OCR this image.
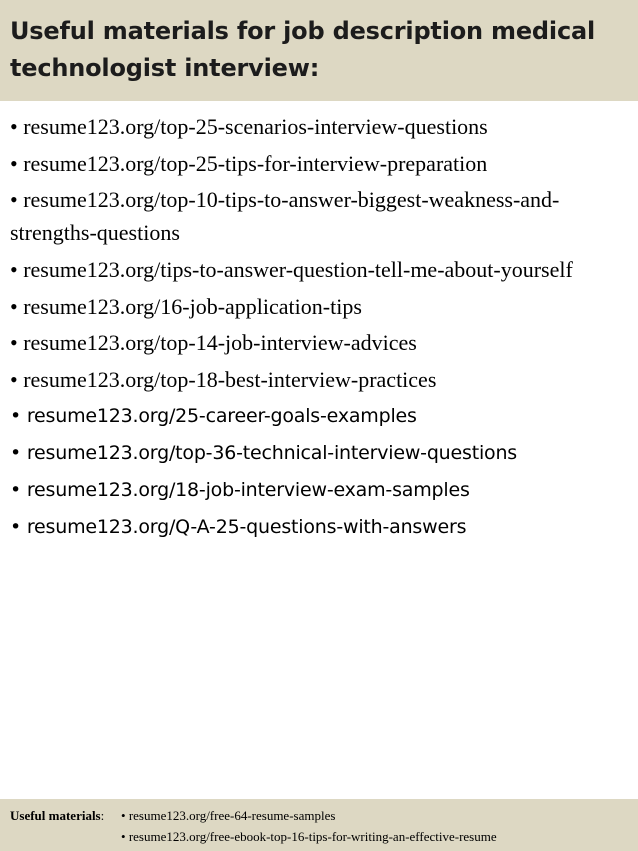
Useful materials for job description medical technologist interview:
• resume123.org/top-25-scenarios-interview-questions
• resume123.org/top-25-tips-for-interview-preparation
• resume123.org/top-10-tips-to-answer-biggest-weakness-and-strengths-questions
• resume123.org/tips-to-answer-question-tell-me-about-yourself
• resume123.org/16-job-application-tips
• resume123.org/top-14-job-interview-advices
• resume123.org/top-18-best-interview-practices
• resume123.org/25-career-goals-examples
• resume123.org/top-36-technical-interview-questions
• resume123.org/18-job-interview-exam-samples
• resume123.org/Q-A-25-questions-with-answers
Useful materials:	• resume123.org/free-64-resume-samples
• resume123.org/free-ebook-top-16-tips-for-writing-an-effective-resume
